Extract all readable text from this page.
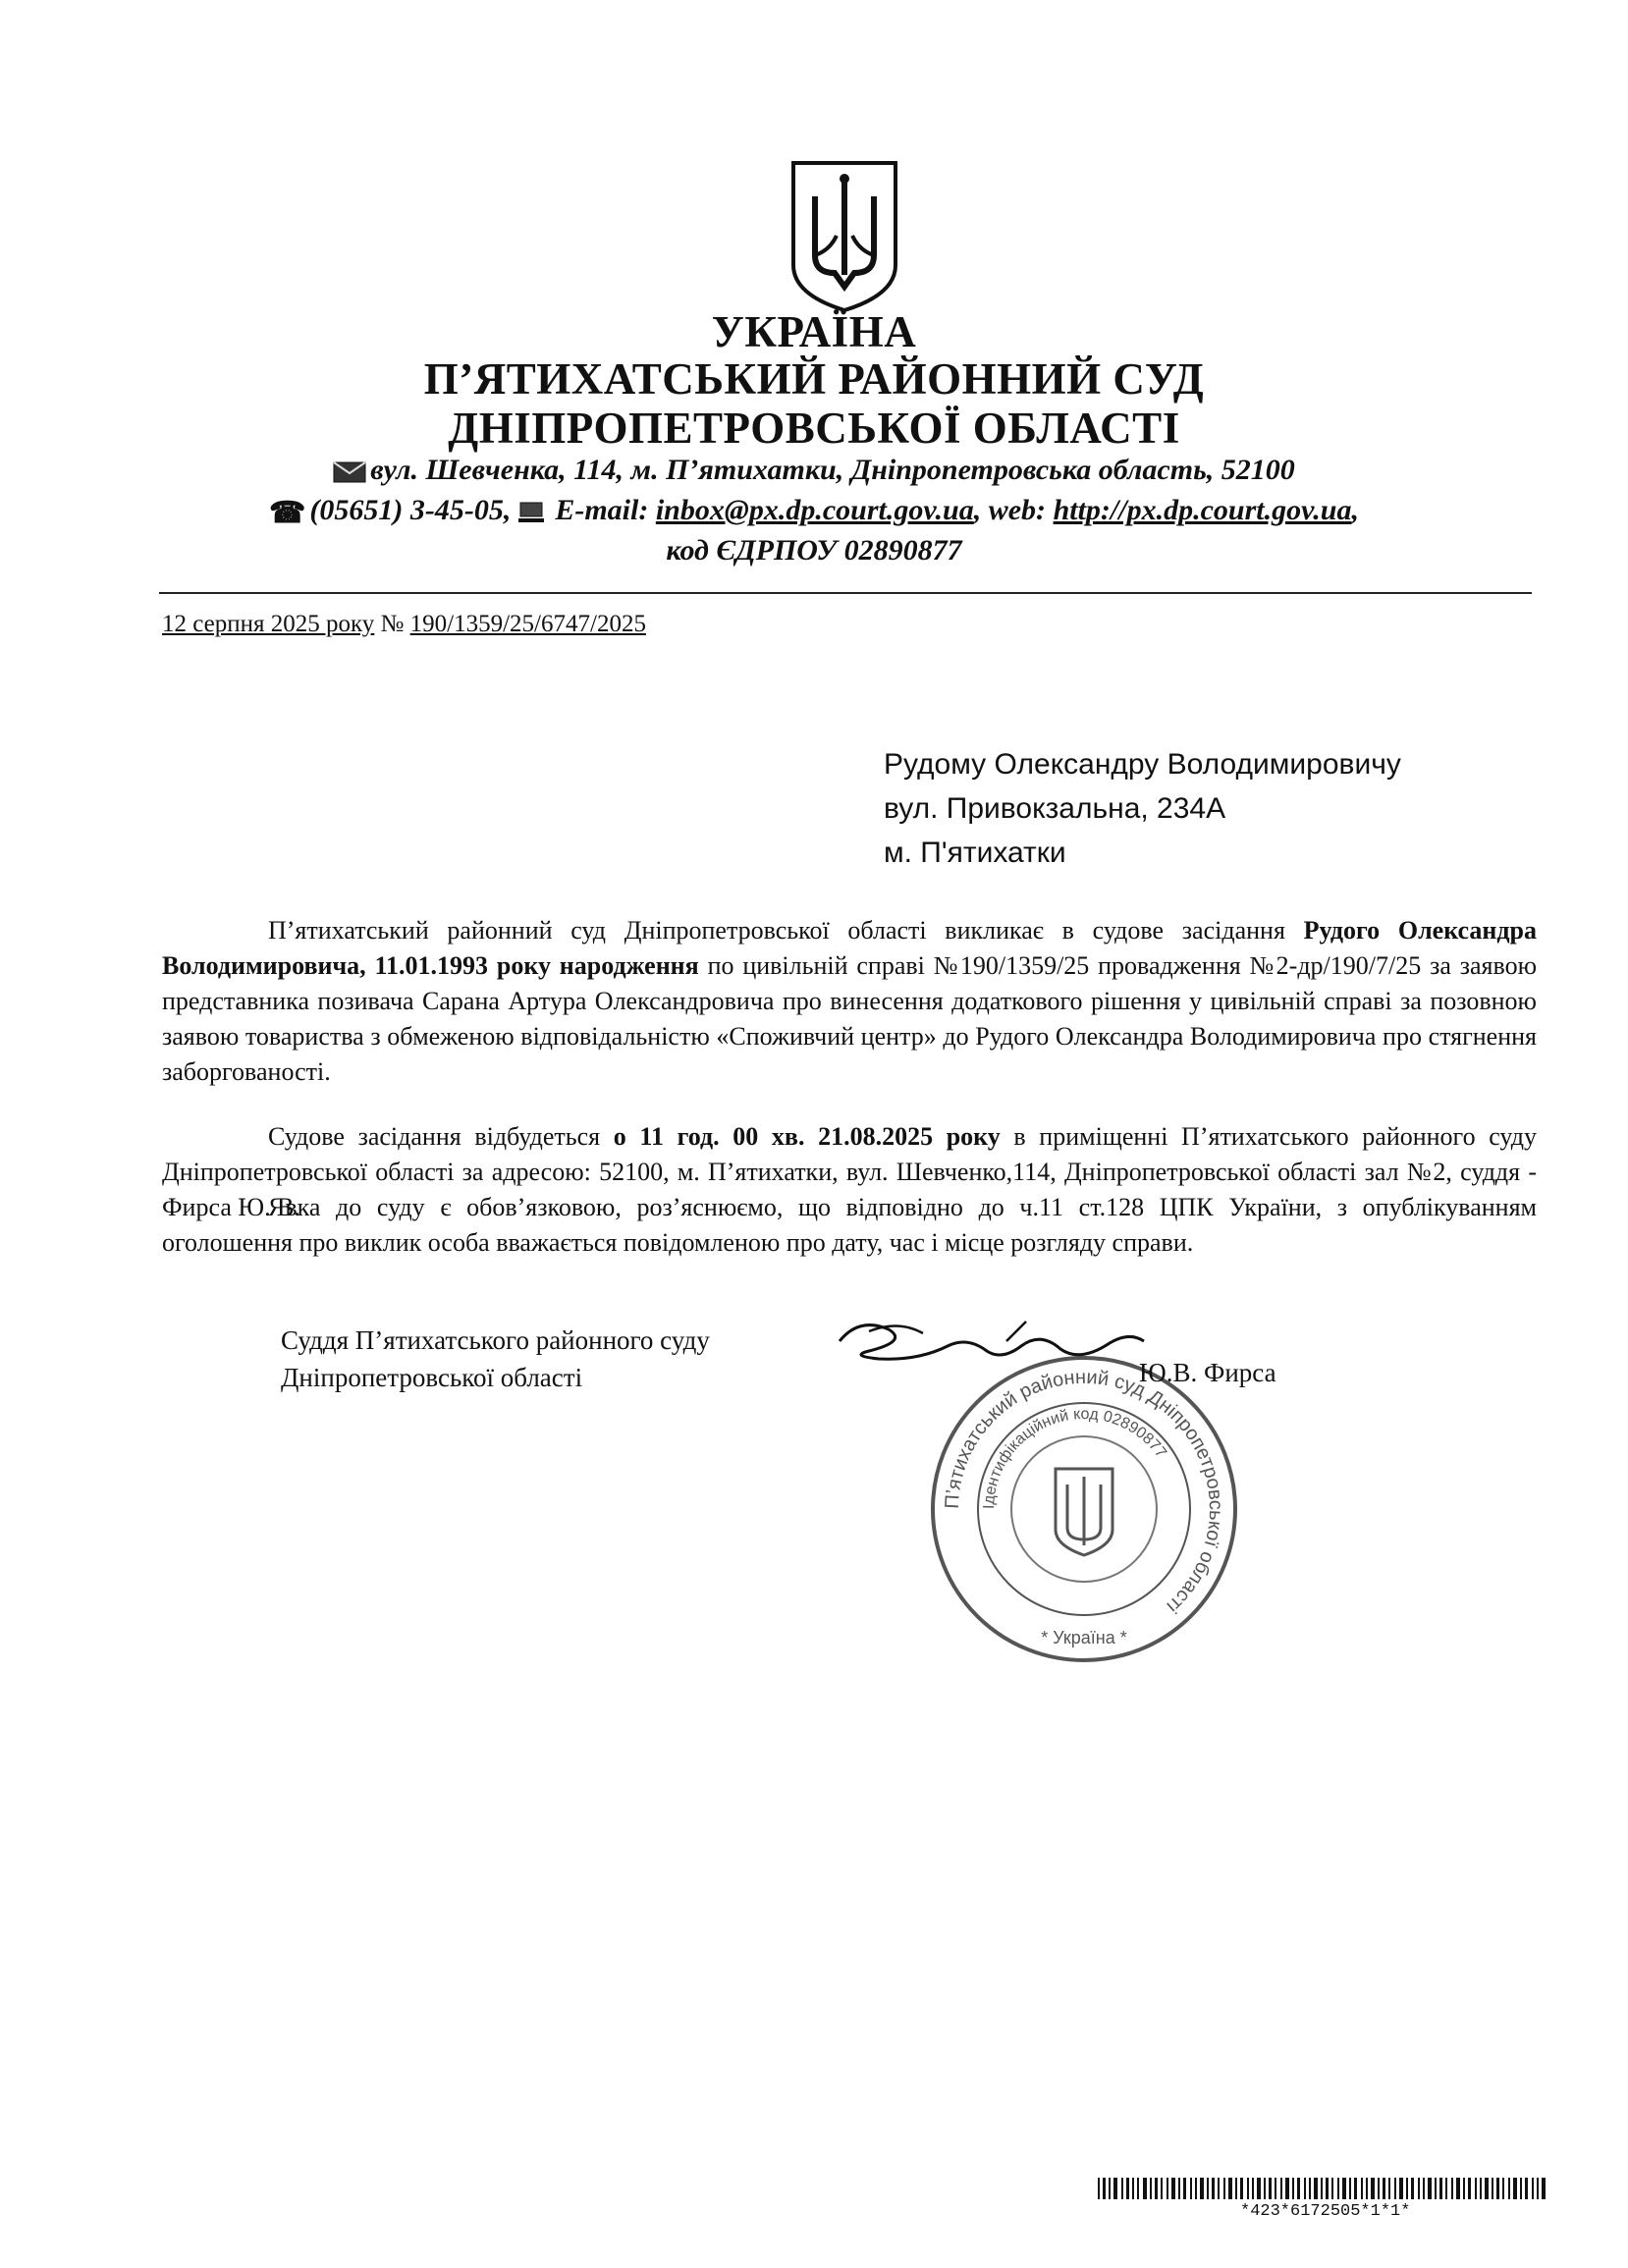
УКРАЇНА
П’ЯТИХАТСЬКИЙ РАЙОННИЙ СУД
ДНІПРОПЕТРОВСЬКОЇ ОБЛАСТІ
вул. Шевченка, 114, м. П’ятихатки, Дніпропетровська область, 52100
☎ (05651) 3-45-05,  E-mail: inbox@px.dp.court.gov.ua, web: http://px.dp.court.gov.ua,
код ЄДРПОУ 02890877
12 серпня 2025 року № 190/1359/25/6747/2025
Рудому Олександру Володимировичу
вул. Привокзальна, 234А
м. П'ятихатки

П’ятихатський районний суд Дніпропетровської області викликає в судове засідання Рудого Олександра Володимировича, 11.01.1993 року народження по цивільній справі №190/1359/25 провадження №2-др/190/7/25 за заявою представника позивача Сарана Артура Олександровича про винесення додаткового рішення у цивільній справі за позовною заявою товариства з обмеженою відповідальністю «Споживчий центр» до Рудого Олександра Володимировича про стягнення заборгованості.

Судове засідання відбудеться о 11 год. 00 хв. 21.08.2025 року в приміщенні П’ятихатського районного суду Дніпропетровської області за адресою: 52100, м. П’ятихатки, вул. Шевченко,114, Дніпропетровської області зал №2, суддя - Фирса Ю. В.

Явка до суду є обов’язковою, роз’яснюємо, що відповідно до ч.11 ст.128 ЦПК України, з опублікуванням оголошення про виклик особа вважається повідомленою про дату, час і місце розгляду справи.

Суддя П’ятихатського районного суду
Дніпропетровської області
П’ятихатський районний суд Дніпропетровської області
Ідентифікаційний код 02890877
* Україна *
Ю.В. Фирса
*423*6172505*1*1*
